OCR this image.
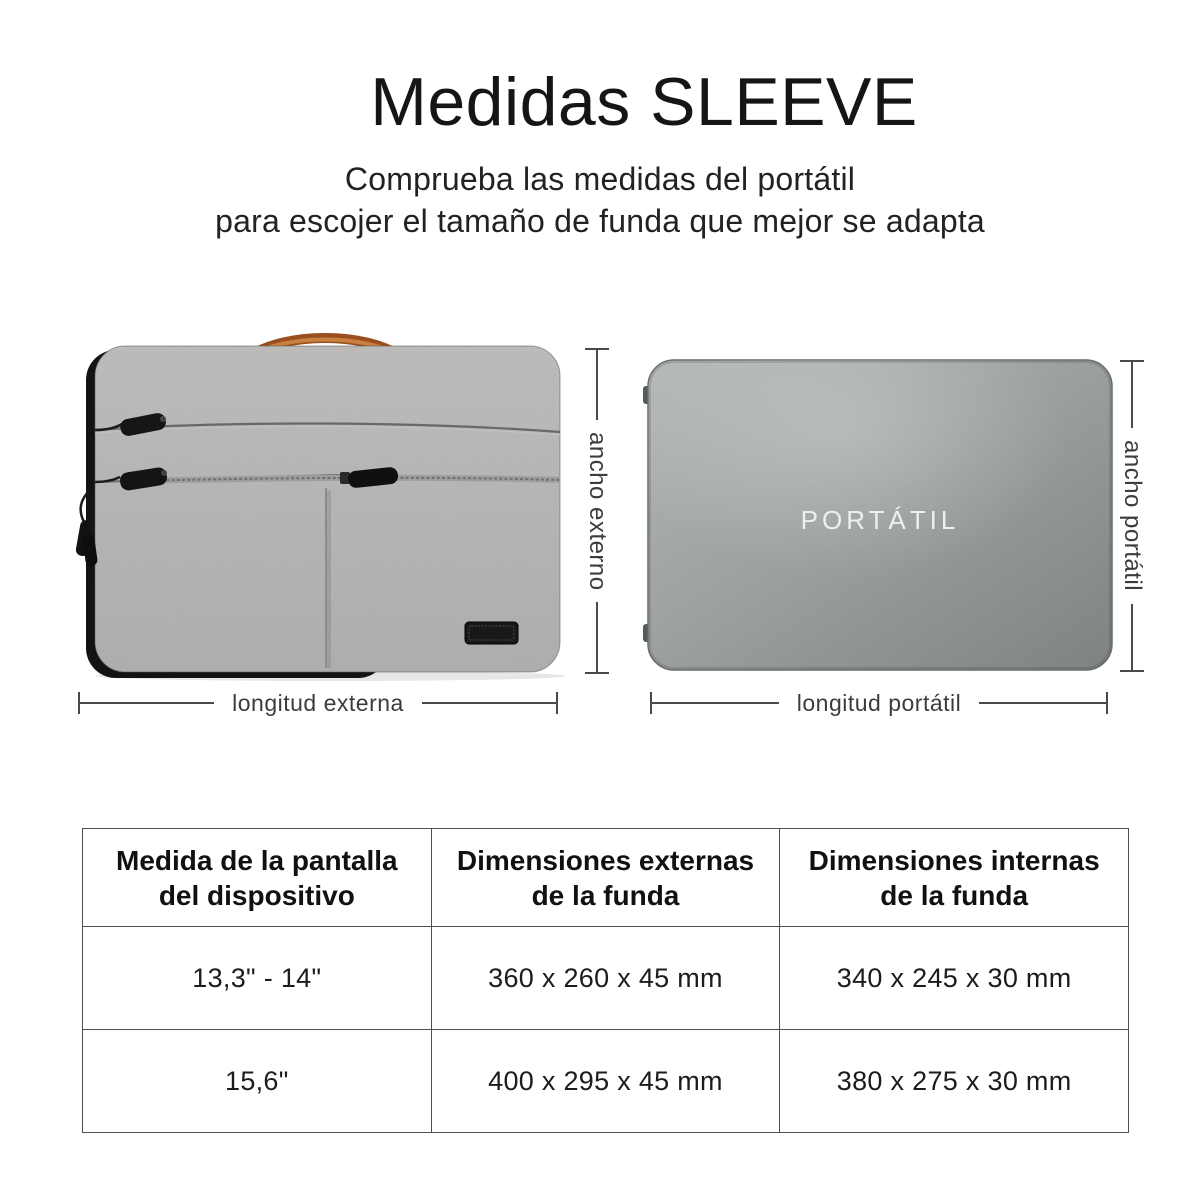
Medidas SLEEVE
Comprueba las medidas del portátil
para escojer el tamaño de funda que mejor se adapta
ancho externo
longitud externa
PORTÁTIL	ancho portátil
longitud portátil
Medida de la pantalla del dispositivo	Dimensiones externas de la funda	Dimensiones internas de la funda
13,3" - 14"	360 x 260 x 45 mm	340 x 245 x 30 mm
15,6"	400 x 295 x 45 mm	380 x 275 x 30 mm
